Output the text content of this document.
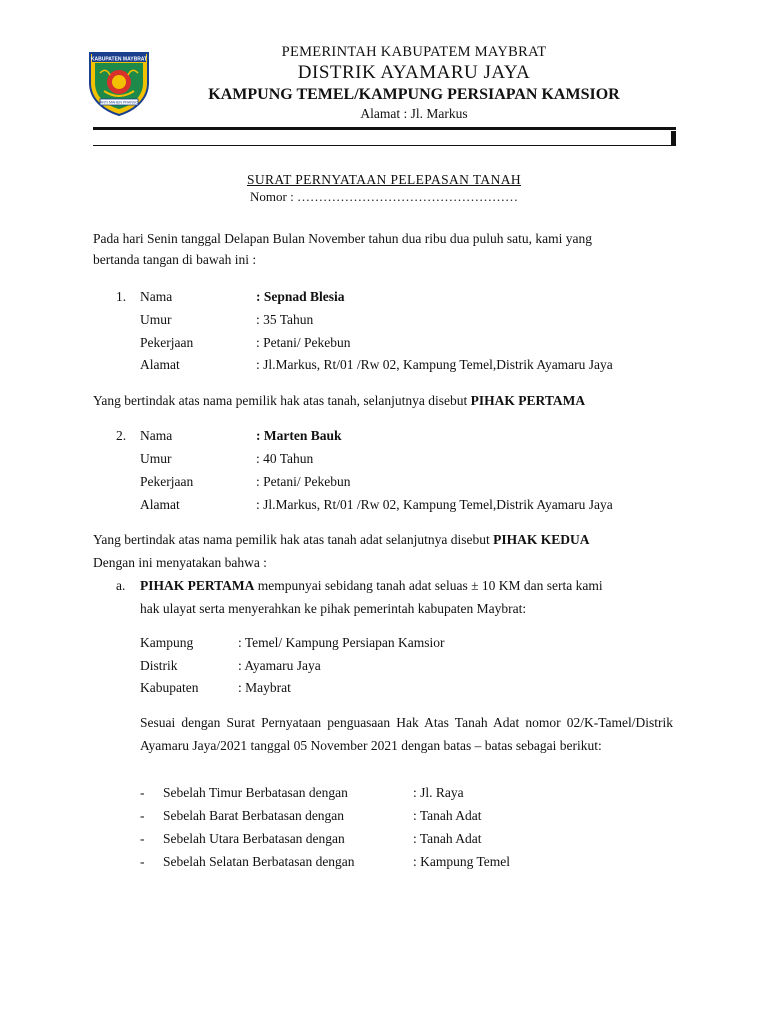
KABUPATEN MAYBRAT
ANTI MAHEN PRANSO
PEMERINTAH KABUPATEM MAYBRAT
DISTRIK AYAMARU JAYA
KAMPUNG TEMEL/KAMPUNG PERSIAPAN KAMSIOR
Alamat : Jl. Markus
SURAT PERNYATAAN PELEPASAN TANAH
Nomor : ……………………………………………
Pada hari Senin tanggal Delapan Bulan November tahun dua ribu dua puluh satu, kami yang
bertanda tangan di bawah ini :
1. Nama	: Sepnad Blesia
Umur	: 35 Tahun
Pekerjaan	: Petani/ Pekebun
Alamat	: Jl.Markus, Rt/01 /Rw 02, Kampung Temel,Distrik Ayamaru Jaya
Yang bertindak atas nama pemilik hak atas tanah, selanjutnya disebut PIHAK PERTAMA
2. Nama	: Marten Bauk
Umur	: 40 Tahun
Pekerjaan	: Petani/ Pekebun
Alamat	: Jl.Markus, Rt/01 /Rw 02, Kampung Temel,Distrik Ayamaru Jaya
Yang bertindak atas nama pemilik hak atas tanah adat selanjutnya disebut PIHAK KEDUA
Dengan ini menyatakan bahwa :
a. PIHAK PERTAMA mempunyai sebidang tanah adat seluas ± 10 KM dan serta kami
hak ulayat serta menyerahkan ke pihak pemerintah kabupaten Maybrat:
Kampung	: Temel/ Kampung Persiapan Kamsior
Distrik	: Ayamaru Jaya
Kabupaten	: Maybrat
Sesuai dengan Surat Pernyataan penguasaan Hak Atas Tanah Adat nomor 02/K-Tamel/Distrik Ayamaru Jaya/2021 tanggal 05 November 2021 dengan batas – batas sebagai berikut:
- Sebelah Timur Berbatasan dengan	: Jl. Raya
- Sebelah Barat Berbatasan dengan	: Tanah Adat
- Sebelah Utara Berbatasan dengan	: Tanah Adat
- Sebelah Selatan Berbatasan dengan	: Kampung Temel
